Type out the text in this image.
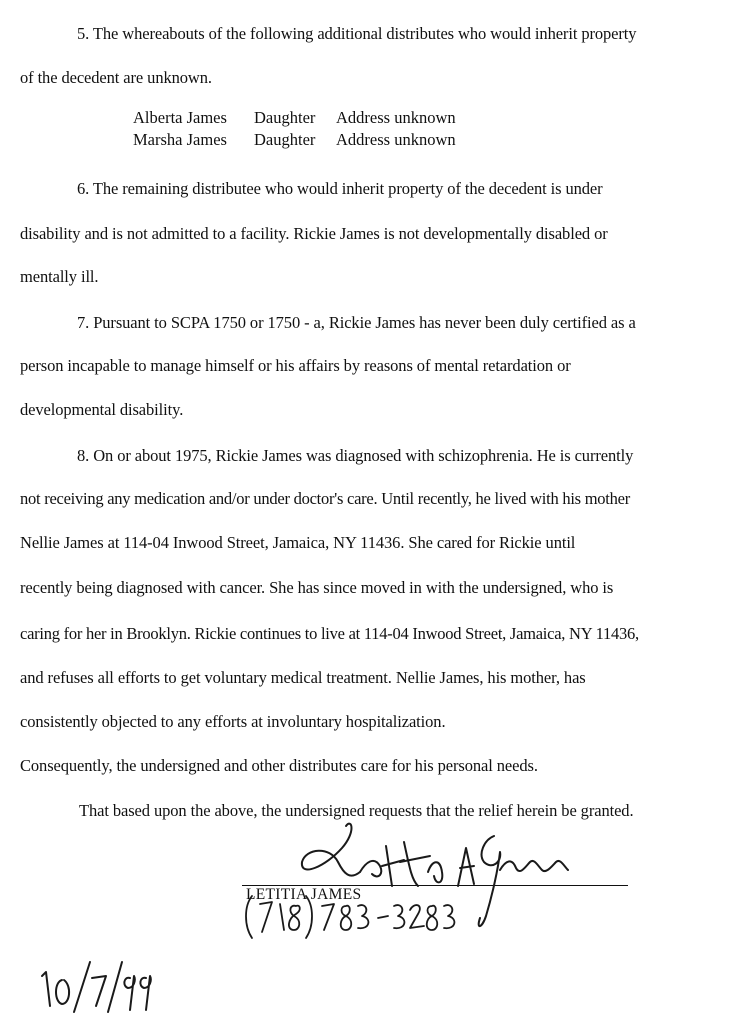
5. The whereabouts of the following additional distributes who would inherit property
of the decedent are unknown.
Alberta James Daughter Address unknown
Marsha James Daughter Address unknown
6. The remaining distributee who would inherit property of the decedent is under
disability and is not admitted to a facility. Rickie James is not developmentally disabled or
mentally ill.
7. Pursuant to SCPA 1750 or 1750 - a, Rickie James has never been duly certified as a
person incapable to manage himself or his affairs by reasons of mental retardation or
developmental disability.
8. On or about 1975, Rickie James was diagnosed with schizophrenia. He is currently
not receiving any medication and/or under doctor's care. Until recently, he lived with his mother
Nellie James at 114-04 Inwood Street, Jamaica, NY 11436. She cared for Rickie until
recently being diagnosed with cancer. She has since moved in with the undersigned, who is
caring for her in Brooklyn. Rickie continues to live at 114-04 Inwood Street, Jamaica, NY 11436,
and refuses all efforts to get voluntary medical treatment. Nellie James, his mother, has
consistently objected to any efforts at involuntary hospitalization.
Consequently, the undersigned and other distributes care for his personal needs.
That based upon the above, the undersigned requests that the relief herein be granted.
LETITIA JAMES
